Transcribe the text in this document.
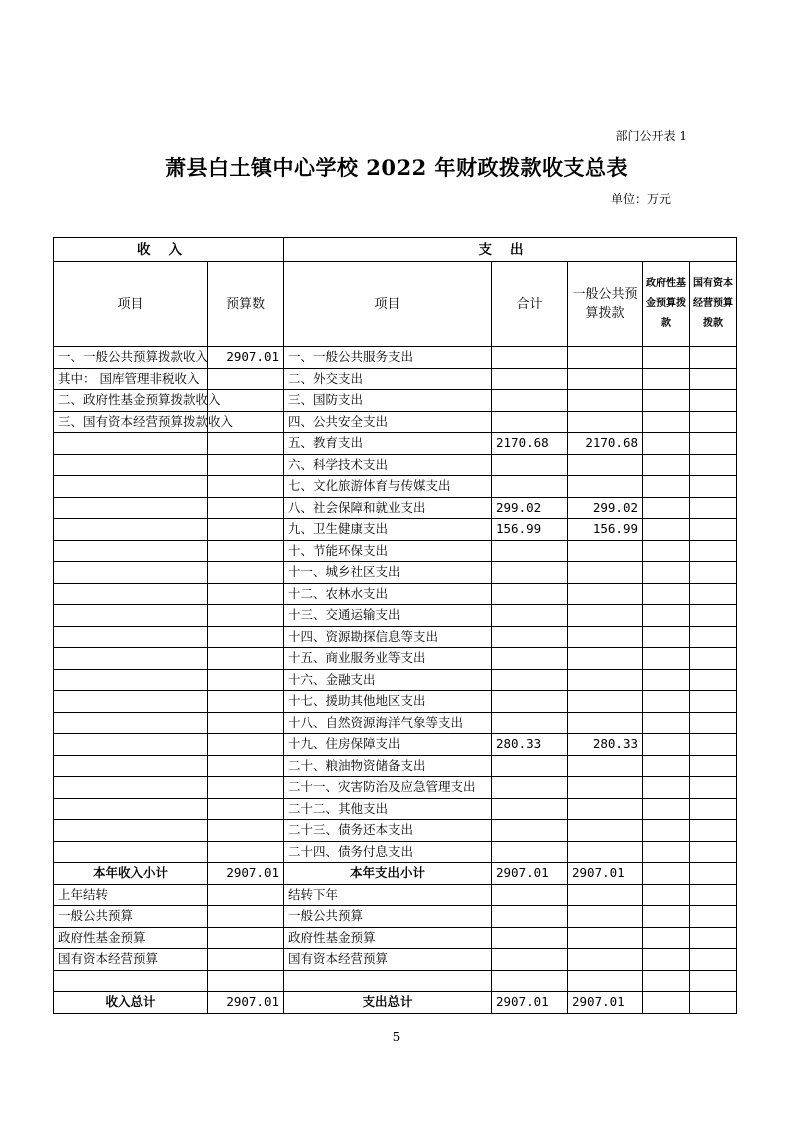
部门公开表 1
萧县白土镇中心学校 2022 年财政拨款收支总表
单位：万元
收入		支出				
项目	预算数	项目	合计	一般公共预算拨款	政府性基金预算拨款	国有资本经营预算拨款
一、一般公共预算拨款收入	2907.01	一、一般公共服务支出				
其中： 国库管理非税收入		二、外交支出				
二、政府性基金预算拨款收入		三、国防支出				
三、国有资本经营预算拨款收入		四、公共安全支出				
		五、教育支出	2170.68	2170.68		
		六、科学技术支出				
		七、文化旅游体育与传媒支出				
		八、社会保障和就业支出	299.02	299.02		
		九、卫生健康支出	156.99	156.99		
		十、节能环保支出				
		十一、城乡社区支出				
		十二、农林水支出				
		十三、交通运输支出				
		十四、资源勘探信息等支出				
		十五、商业服务业等支出				
		十六、金融支出				
		十七、援助其他地区支出				
		十八、自然资源海洋气象等支出				
		十九、住房保障支出	280.33	280.33		
		二十、粮油物资储备支出				
		二十一、灾害防治及应急管理支出				
		二十二、其他支出				
		二十三、债务还本支出				
		二十四、债务付息支出				
本年收入小计	2907.01	本年支出小计	2907.01	2907.01		
上年结转		结转下年				
一般公共预算		一般公共预算				
政府性基金预算		政府性基金预算				
国有资本经营预算		国有资本经营预算				

收入总计	2907.01	支出总计	2907.01	2907.01		
5
